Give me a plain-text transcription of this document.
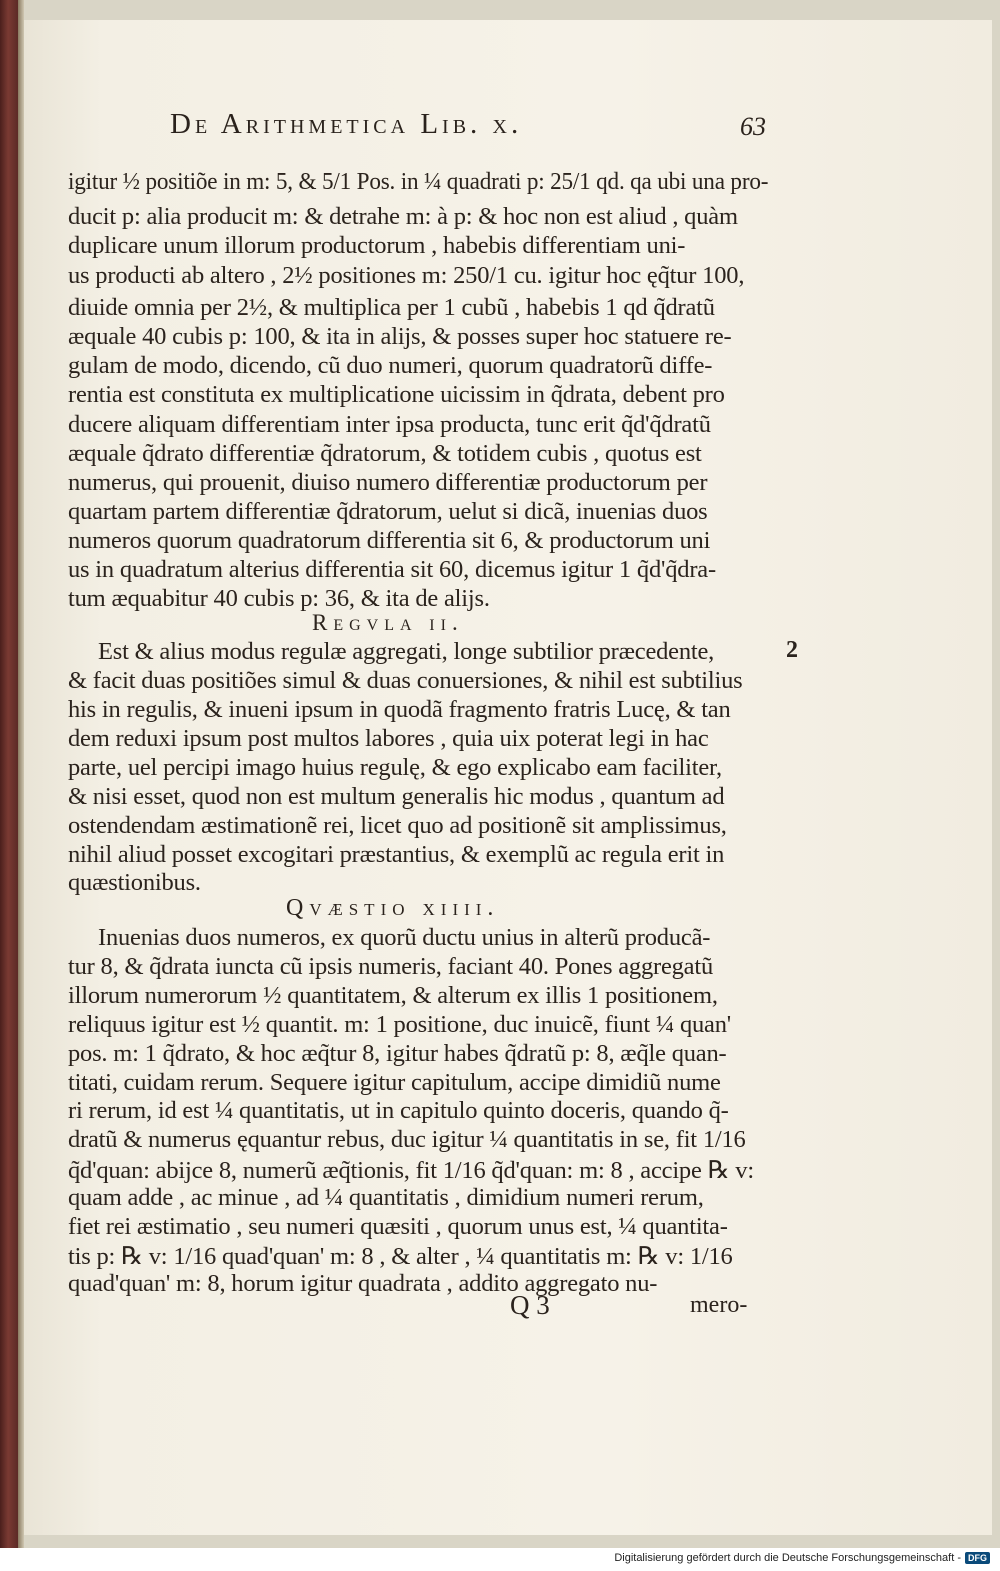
De Arithmetica Lib. x.	63
igitur ½ positiõe in m: 5, & 5/1 Pos. in ¼ quadrati p: 25/1 qd. qa ubi una pro-
ducit p: alia producit m: & detrahe m: à p: & hoc non est aliud , quàm
duplicare unum illorum productorum , habebis differentiam uni-
us producti ab altero , 2½ positiones m: 250/1 cu. igitur hoc ęq̃tur 100,
diuide omnia per 2½, & multiplica per 1 cubũ , habebis 1 qd q̃dratũ
æquale 40 cubis p: 100, & ita in alijs, & posses super hoc statuere re-
gulam de modo, dicendo, cũ duo numeri, quorum quadratorũ diffe-
rentia est constituta ex multiplicatione uicissim in q̃drata, debent pro
ducere aliquam differentiam inter ipsa producta, tunc erit q̃d'q̃dratũ
æquale q̃drato differentiæ q̃dratorum, & totidem cubis , quotus est
numerus, qui prouenit, diuiso numero differentiæ productorum per
quartam partem differentiæ q̃dratorum, uelut si dicã, inuenias duos
numeros quorum quadratorum differentia sit 6, & productorum uni
us in quadratum alterius differentia sit 60, dicemus igitur 1 q̃d'q̃dra-
tum æquabitur 40 cubis p: 36, & ita de alijs.
Regvla ii.
2
Est & alius modus regulæ aggregati, longe subtilior præcedente,
& facit duas positiões simul & duas conuersiones, & nihil est subtilius
his in regulis, & inueni ipsum in quodã fragmento fratris Lucę, & tan
dem reduxi ipsum post multos labores , quia uix poterat legi in hac
parte, uel percipi imago huius regulę, & ego explicabo eam faciliter,
& nisi esset, quod non est multum generalis hic modus , quantum ad
ostendendam æstimationẽ rei, licet quo ad positionẽ sit amplissimus,
nihil aliud posset excogitari præstantius, & exemplũ ac regula erit in
quæstionibus.
Qvæstio xiiii.
Inuenias duos numeros, ex quorũ ductu unius in alterũ producã-
tur 8, & q̃drata iuncta cũ ipsis numeris, faciant 40. Pones aggregatũ
illorum numerorum ½ quantitatem, & alterum ex illis 1 positionem,
reliquus igitur est ½ quantit. m: 1 positione, duc inuicẽ, fiunt ¼ quan'
pos. m: 1 q̃drato, & hoc æq̃tur 8, igitur habes q̃dratũ p: 8, æq̃le quan-
titati, cuidam rerum. Sequere igitur capitulum, accipe dimidiũ nume
ri rerum, id est ¼ quantitatis, ut in capitulo quinto doceris, quando q̃-
dratũ & numerus ęquantur rebus, duc igitur ¼ quantitatis in se, fit 1/16
q̃d'quan: abijce 8, numerũ æq̃tionis, fit 1/16 q̃d'quan: m: 8 , accipe ℞ v:
quam adde , ac minue , ad ¼ quantitatis , dimidium numeri rerum,
fiet rei æstimatio , seu numeri quæsiti , quorum unus est, ¼ quantita-
tis p: ℞ v: 1/16 quad'quan' m: 8 , & alter , ¼ quantitatis m: ℞ v: 1/16
quad'quan' m: 8, horum igitur quadrata , addito aggregato nu-
Q 3	mero-
Digitalisierung gefördert durch die Deutsche Forschungsgemeinschaft - DFG
